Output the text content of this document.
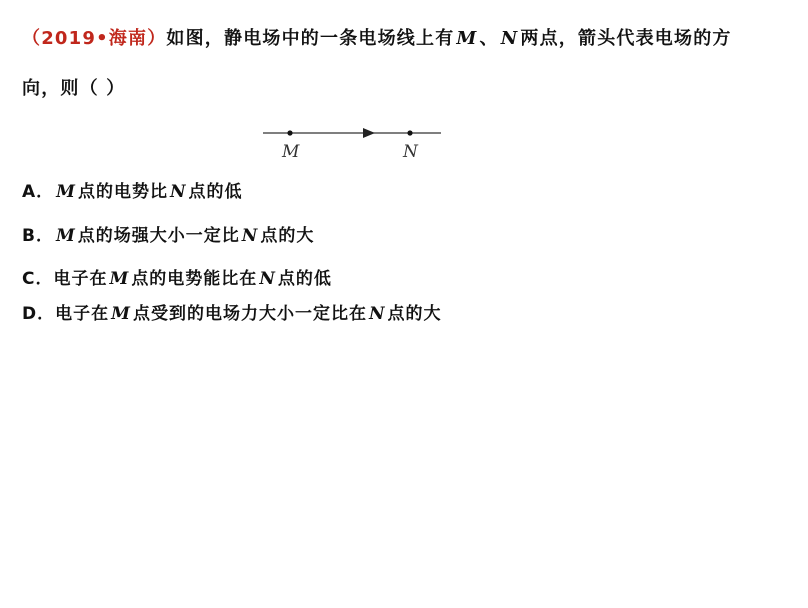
（2019•海南）如图，静电场中的一条电场线上有 M 、 N 两点，箭头代表电场的方
向，则（ ）
M	N
A． M 点的电势比 N 点的低
B． M 点的场强大小一定比 N 点的大
C．电子在 M 点的电势能比在 N 点的低
D．电子在 M 点受到的电场力大小一定比在 N 点的大
